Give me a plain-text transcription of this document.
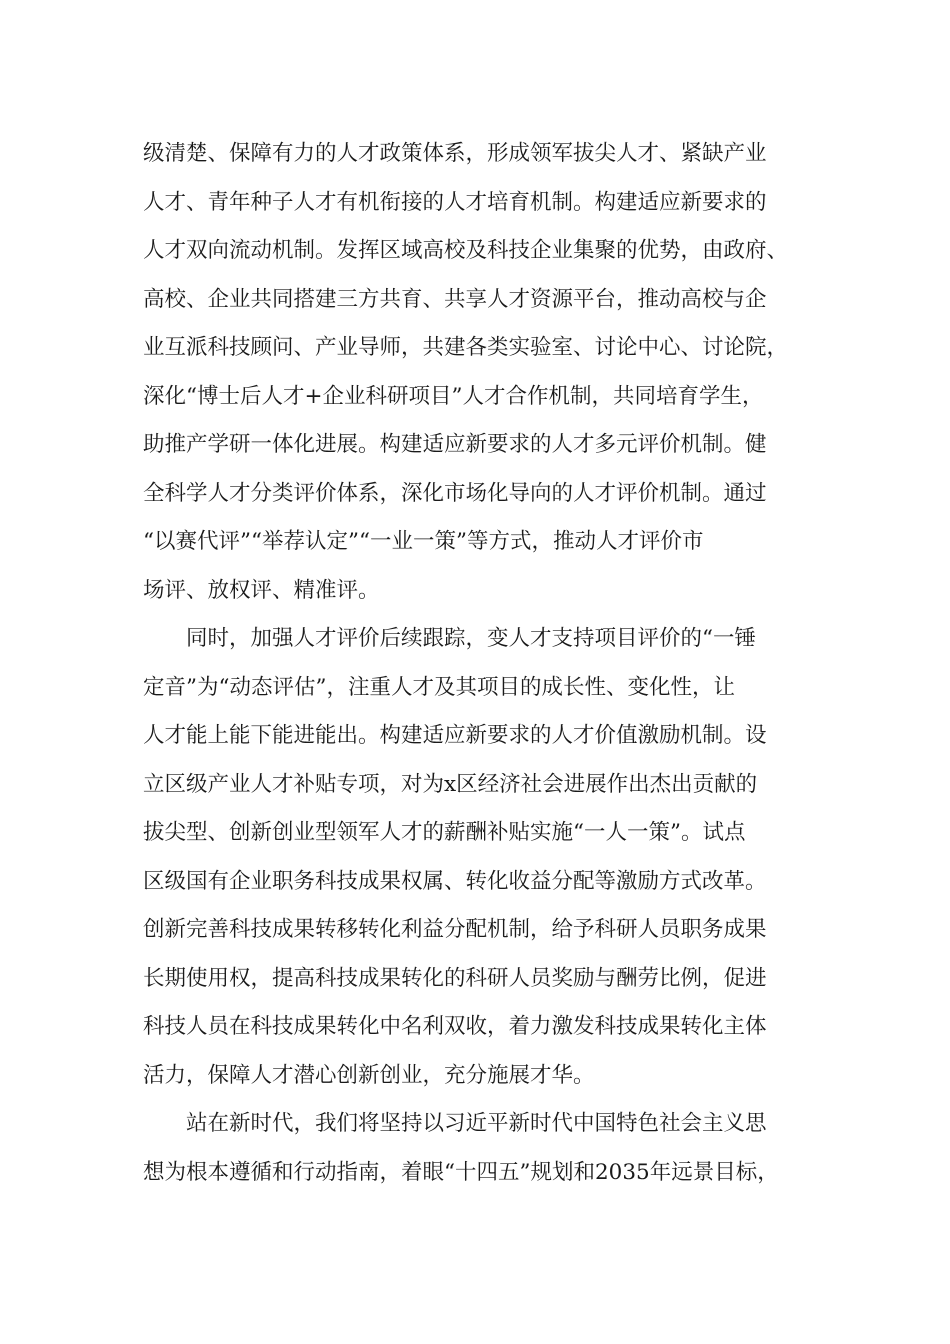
级清楚、保障有力的人才政策体系，形成领军拔尖人才、紧缺产业
人才、青年种子人才有机衔接的人才培育机制。构建适应新要求的
人才双向流动机制。发挥区域高校及科技企业集聚的优势，由政府、
高校、企业共同搭建三方共育、共享人才资源平台，推动高校与企
业互派科技顾问、产业导师，共建各类实验室、讨论中心、讨论院，
深化“博士后人才+企业科研项目”人才合作机制，共同培育学生，
助推产学研一体化进展。构建适应新要求的人才多元评价机制。健
全科学人才分类评价体系，深化市场化导向的人才评价机制。通过
“以赛代评”“举荐认定”“一业一策”等方式，推动人才评价市
场评、放权评、精准评。
同时，加强人才评价后续跟踪，变人才支持项目评价的“一锤
定音”为“动态评估”，注重人才及其项目的成长性、变化性，让
人才能上能下能进能出。构建适应新要求的人才价值激励机制。设
立区级产业人才补贴专项，对为x区经济社会进展作出杰出贡献的
拔尖型、创新创业型领军人才的薪酬补贴实施“一人一策”。试点
区级国有企业职务科技成果权属、转化收益分配等激励方式改革。
创新完善科技成果转移转化利益分配机制，给予科研人员职务成果
长期使用权，提高科技成果转化的科研人员奖励与酬劳比例，促进
科技人员在科技成果转化中名利双收，着力激发科技成果转化主体
活力，保障人才潜心创新创业，充分施展才华。
站在新时代，我们将坚持以习近平新时代中国特色社会主义思
想为根本遵循和行动指南，着眼“十四五”规划和2035年远景目标，
